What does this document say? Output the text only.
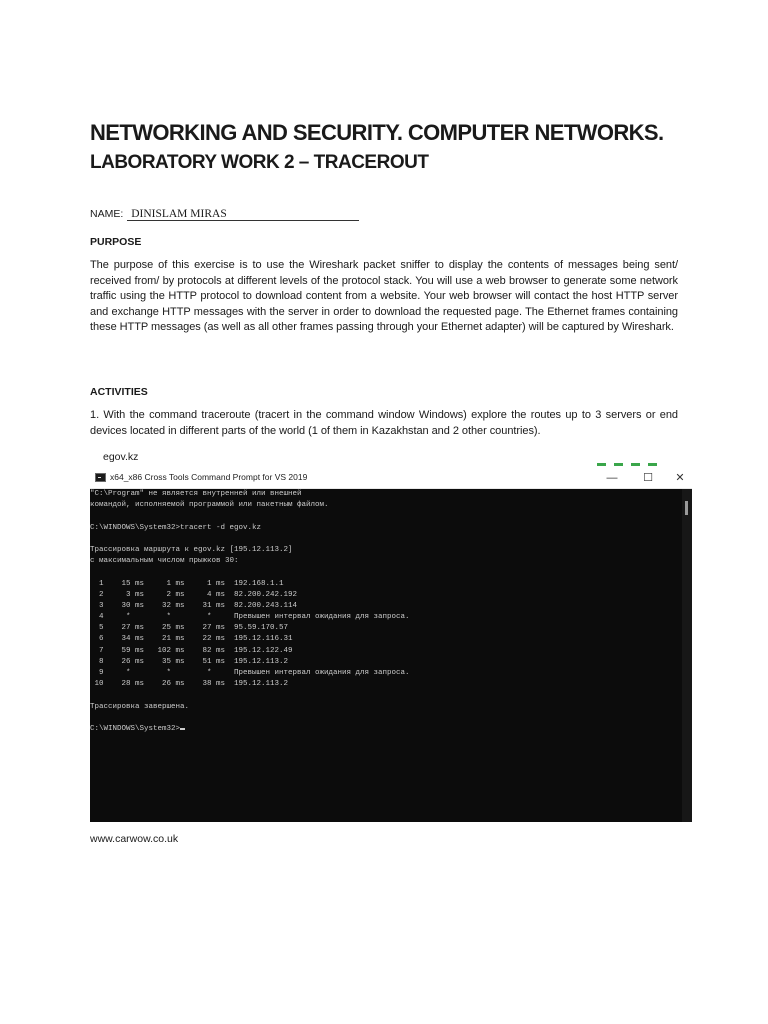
NETWORKING AND SECURITY. COMPUTER NETWORKS.
LABORATORY WORK 2 – TRACEROUT
NAME: DINISLAM MIRAS
PURPOSE
The purpose of this exercise is to use the Wireshark packet sniffer to display the contents of messages being sent/ received from/ by protocols at different levels of the protocol stack. You will use a web browser to generate some network traffic using the HTTP protocol to download content from a website. Your web browser will contact the host HTTP server and exchange HTTP messages with the server in order to download the requested page. The Ethernet frames containing these HTTP messages (as well as all other frames passing through your Ethernet adapter) will be captured by Wireshark.
ACTIVITIES
1. With the command traceroute (tracert in the command window Windows) explore the routes up to 3 servers or end devices located in different parts of the world (1 of them in Kazakhstan and 2 other countries).
egov.kz
x64_x86 Cross Tools Command Prompt for VS 2019	—	☐	✕
"C:\Program" не является внутренней или внешней
командой, исполняемой программой или пакетным файлом.
C:\WINDOWS\System32>tracert -d egov.kz
Трассировка маршрута к egov.kz [195.12.113.2]
с максимальным числом прыжков 30:
1    15 ms     1 ms     1 ms  192.168.1.1
2     3 ms     2 ms     4 ms  82.200.242.192
3    30 ms    32 ms    31 ms  82.200.243.114
4     *        *        *     Превышен интервал ожидания для запроса.
5    27 ms    25 ms    27 ms  95.59.170.57
6    34 ms    21 ms    22 ms  195.12.116.31
7    59 ms   102 ms    82 ms  195.12.122.49
8    26 ms    35 ms    51 ms  195.12.113.2
9     *        *        *     Превышен интервал ожидания для запроса.
10    28 ms    26 ms    38 ms  195.12.113.2
Трассировка завершена.
C:\WINDOWS\System32>
www.carwow.co.uk
